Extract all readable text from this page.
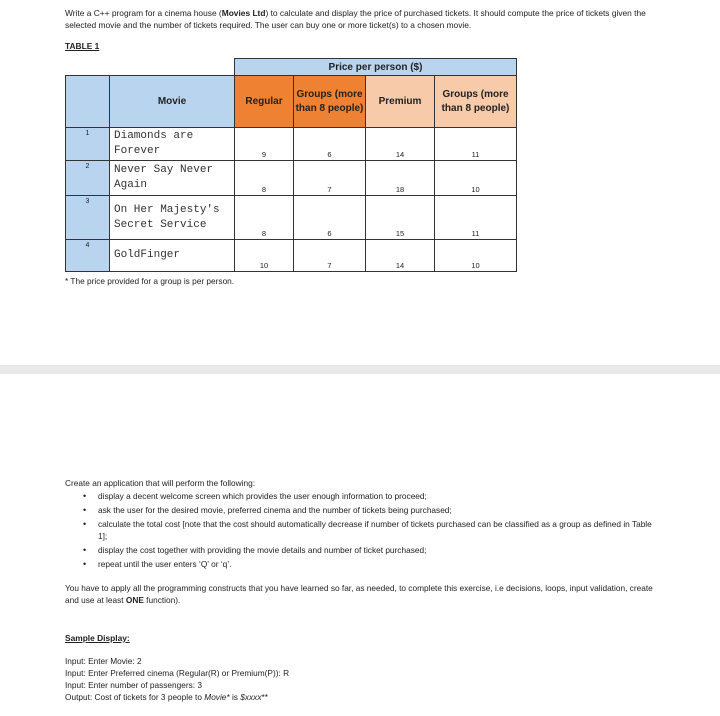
Write a C++ program for a cinema house (Movies Ltd) to calculate and display the price of purchased tickets. It should compute the price of tickets given the selected movie and the number of tickets required. The user can buy one or more ticket(s) to a chosen movie.
TABLE 1
		Price per person ($)			
	Movie	Regular	Groups (more than 8 people)	Premium	Groups (more than 8 people)
1	Diamonds are Forever	9	6	14	11
2	Never Say Never Again	8	7	18	10
3	On Her Majesty's Secret Service	8	6	15	11
4	GoldFinger	10	7	14	10
* The price provided for a group is per person.
Create an application that will perform the following:
• display a decent welcome screen which provides the user enough information to proceed;
• ask the user for the desired movie, preferred cinema and the number of tickets being purchased;
• calculate the total cost [note that the cost should automatically decrease if number of tickets purchased can be classified as a group as defined in Table 1];
• display the cost together with providing the movie details and number of ticket purchased;
• repeat until the user enters ‘Q’ or ‘q’.
You have to apply all the programming constructs that you have learned so far, as needed, to complete this exercise, i.e decisions, loops, input validation, create and use at least ONE function).
Sample Display:
Input: Enter Movie: 2
Input: Enter Preferred cinema (Regular(R) or Premium(P)): R
Input: Enter number of passengers: 3
Output: Cost of tickets for 3 people to Movie* is $xxxx**
